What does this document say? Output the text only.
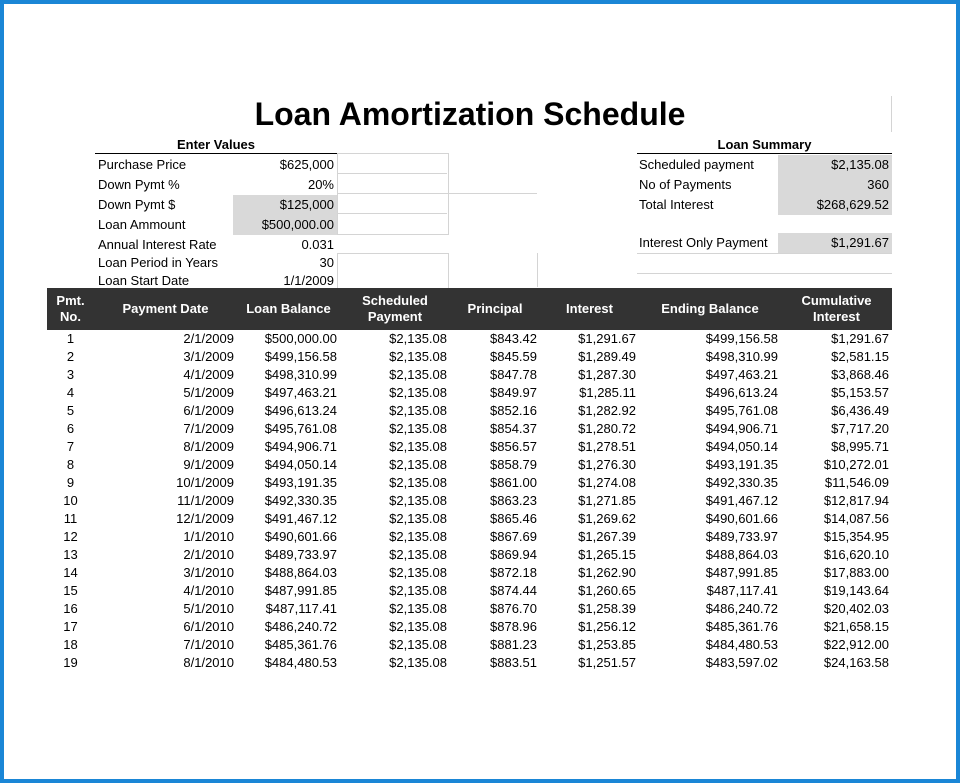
Loan Amortization Schedule
Enter Values
Purchase Price	$625,000
Down Pymt %	20%
Down Pymt $	$125,000
Loan Ammount	$500,000.00
Annual Interest Rate	0.031
Loan Period in Years	30
Loan Start Date	1/1/2009
Loan Summary
Scheduled payment	$2,135.08
No of Payments	360
Total Interest	$268,629.52
Interest Only Payment	$1,291.67
Pmt. No.	Payment Date	Loan Balance	Scheduled Payment	Principal	Interest	Ending Balance	Cumulative Interest
1	2/1/2009	$500,000.00	$2,135.08	$843.42	$1,291.67	$499,156.58	$1,291.67
2	3/1/2009	$499,156.58	$2,135.08	$845.59	$1,289.49	$498,310.99	$2,581.15
3	4/1/2009	$498,310.99	$2,135.08	$847.78	$1,287.30	$497,463.21	$3,868.46
4	5/1/2009	$497,463.21	$2,135.08	$849.97	$1,285.11	$496,613.24	$5,153.57
5	6/1/2009	$496,613.24	$2,135.08	$852.16	$1,282.92	$495,761.08	$6,436.49
6	7/1/2009	$495,761.08	$2,135.08	$854.37	$1,280.72	$494,906.71	$7,717.20
7	8/1/2009	$494,906.71	$2,135.08	$856.57	$1,278.51	$494,050.14	$8,995.71
8	9/1/2009	$494,050.14	$2,135.08	$858.79	$1,276.30	$493,191.35	$10,272.01
9	10/1/2009	$493,191.35	$2,135.08	$861.00	$1,274.08	$492,330.35	$11,546.09
10	11/1/2009	$492,330.35	$2,135.08	$863.23	$1,271.85	$491,467.12	$12,817.94
11	12/1/2009	$491,467.12	$2,135.08	$865.46	$1,269.62	$490,601.66	$14,087.56
12	1/1/2010	$490,601.66	$2,135.08	$867.69	$1,267.39	$489,733.97	$15,354.95
13	2/1/2010	$489,733.97	$2,135.08	$869.94	$1,265.15	$488,864.03	$16,620.10
14	3/1/2010	$488,864.03	$2,135.08	$872.18	$1,262.90	$487,991.85	$17,883.00
15	4/1/2010	$487,991.85	$2,135.08	$874.44	$1,260.65	$487,117.41	$19,143.64
16	5/1/2010	$487,117.41	$2,135.08	$876.70	$1,258.39	$486,240.72	$20,402.03
17	6/1/2010	$486,240.72	$2,135.08	$878.96	$1,256.12	$485,361.76	$21,658.15
18	7/1/2010	$485,361.76	$2,135.08	$881.23	$1,253.85	$484,480.53	$22,912.00
19	8/1/2010	$484,480.53	$2,135.08	$883.51	$1,251.57	$483,597.02	$24,163.58
